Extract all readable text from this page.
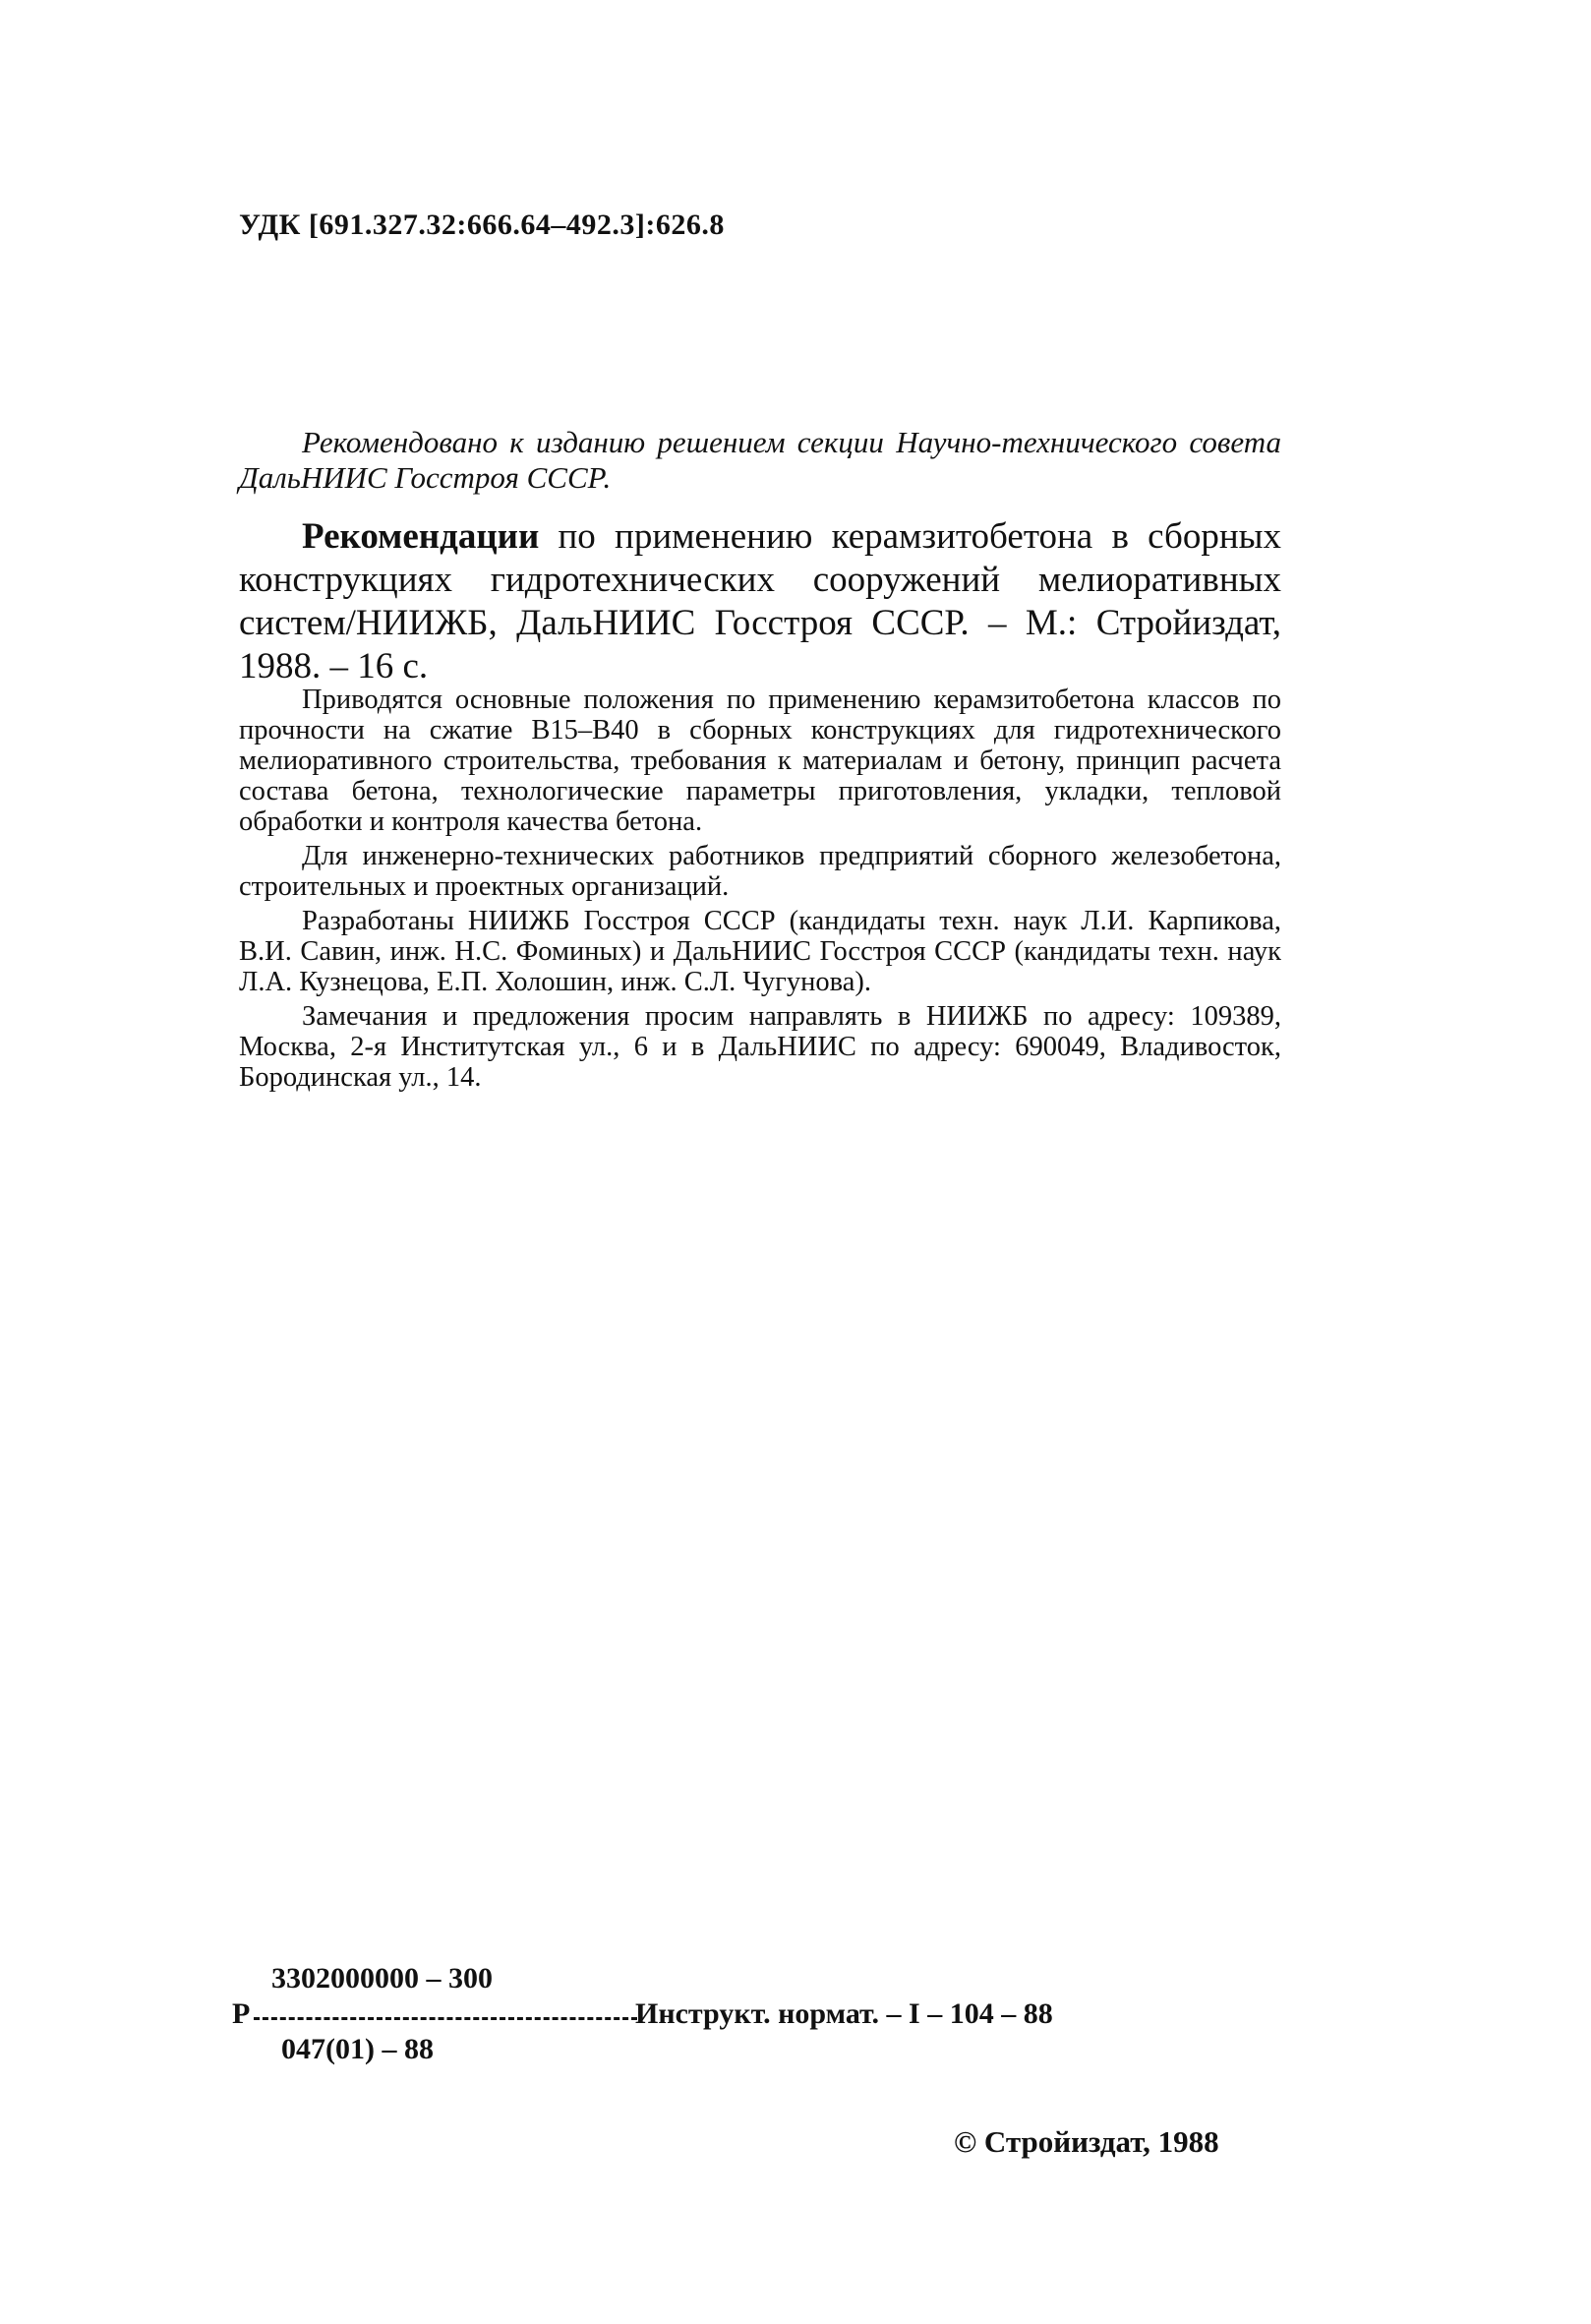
УДК [691.327.32:666.64–492.3]:626.8
Рекомендовано к изданию решением секции Научно-технического совета ДальНИИС Госстроя СССР.
Рекомендации по применению керамзитобетона в сборных конструкциях гидротехнических сооружений мелиоративных систем/НИИЖБ, ДальНИИС Госстроя СССР. – М.: Стройиздат, 1988. – 16 с.

Приводятся основные положения по применению керамзитобетона классов по прочности на сжатие В15–В40 в сборных конструкциях для гидротехнического мелиоративного строительства, требования к материалам и бетону, принцип расчета состава бетона, технологические параметры приготовления, укладки, тепловой обработки и контроля качества бетона.

Для инженерно-технических работников предприятий сборного железобетона, строительных и проектных организаций.

Разработаны НИИЖБ Госстроя СССР (кандидаты техн. наук Л.И. Карпикова, В.И. Савин, инж. Н.С. Фоминых) и ДальНИИС Госстроя СССР (кандидаты техн. наук Л.А. Кузнецова, Е.П. Холошин, инж. С.Л. Чугунова).

Замечания и предложения просим направлять в НИИЖБ по адресу: 109389, Москва, 2-я Институтская ул., 6 и в ДальНИИС по адресу: 690049, Владивосток, Бородинская ул., 14.

3302000000 – 300
Р	Инструкт. нормат. – I – 104 – 88
047(01) – 88
© Стройиздат, 1988
